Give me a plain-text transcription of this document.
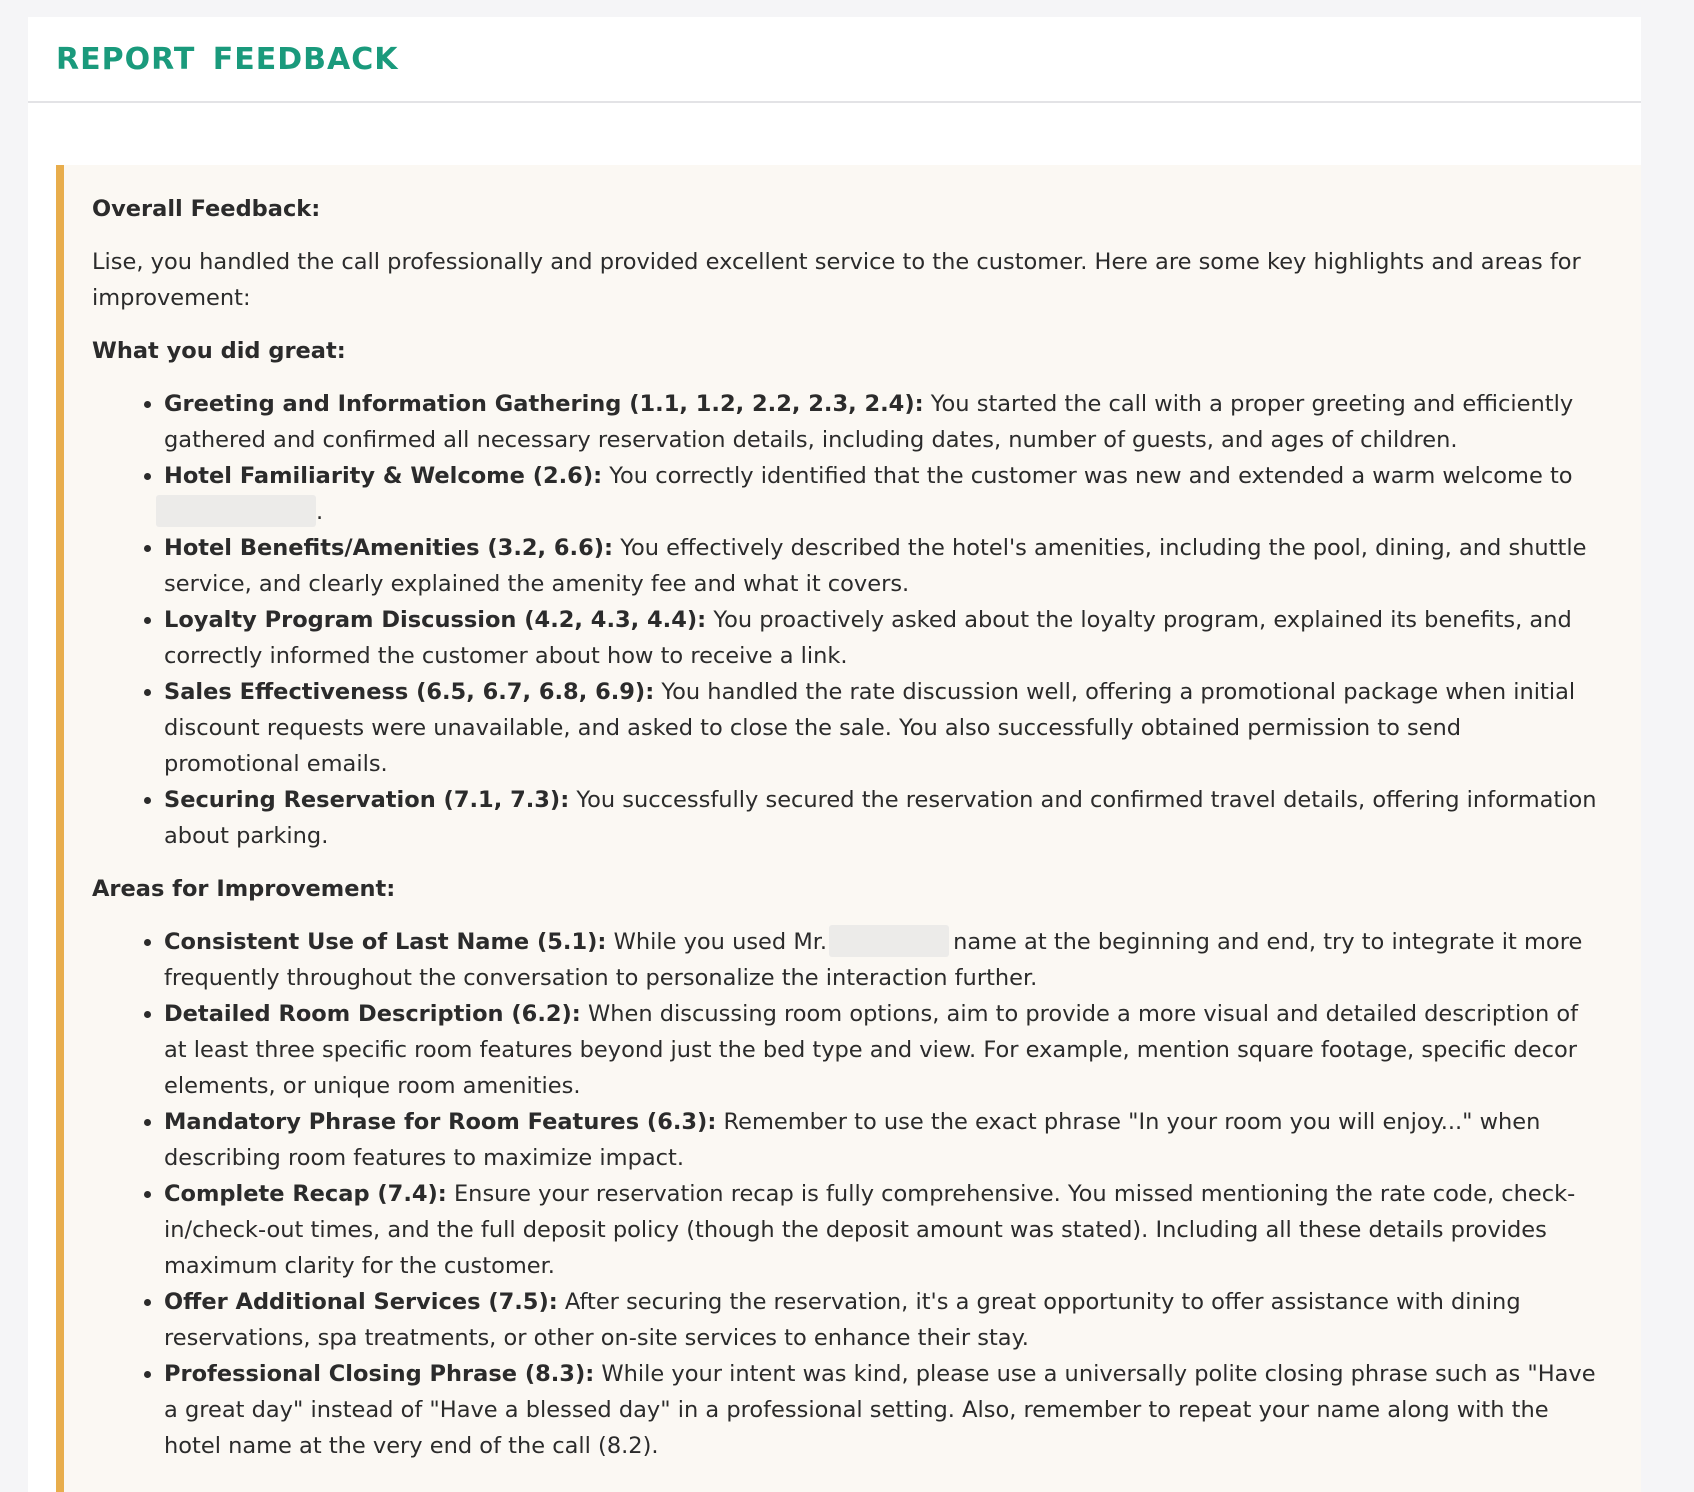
REPORT FEEDBACK

Overall Feedback:

Lise, you handled the call professionally and provided excellent service to the customer. Here are some key highlights and areas for improvement:

What you did great:

• Greeting and Information Gathering (1.1, 1.2, 2.2, 2.3, 2.4): You started the call with a proper greeting and efficiently gathered and confirmed all necessary reservation details, including dates, number of guests, and ages of children.
• Hotel Familiarity & Welcome (2.6): You correctly identified that the customer was new and extended a warm welcome to .
• Hotel Benefits/Amenities (3.2, 6.6): You effectively described the hotel's amenities, including the pool, dining, and shuttle service, and clearly explained the amenity fee and what it covers.
• Loyalty Program Discussion (4.2, 4.3, 4.4): You proactively asked about the loyalty program, explained its benefits, and correctly informed the customer about how to receive a link.
• Sales Effectiveness (6.5, 6.7, 6.8, 6.9): You handled the rate discussion well, offering a promotional package when initial discount requests were unavailable, and asked to close the sale. You also successfully obtained permission to send promotional emails.
• Securing Reservation (7.1, 7.3): You successfully secured the reservation and confirmed travel details, offering information about parking.

Areas for Improvement:

• Consistent Use of Last Name (5.1): While you used Mr.	name at the beginning and end, try to integrate it more frequently throughout the conversation to personalize the interaction further.
• Detailed Room Description (6.2): When discussing room options, aim to provide a more visual and detailed description of at least three specific room features beyond just the bed type and view. For example, mention square footage, specific decor elements, or unique room amenities.
• Mandatory Phrase for Room Features (6.3): Remember to use the exact phrase "In your room you will enjoy..." when describing room features to maximize impact.
• Complete Recap (7.4): Ensure your reservation recap is fully comprehensive. You missed mentioning the rate code, check-in/check-out times, and the full deposit policy (though the deposit amount was stated). Including all these details provides maximum clarity for the customer.
• Offer Additional Services (7.5): After securing the reservation, it's a great opportunity to offer assistance with dining reservations, spa treatments, or other on-site services to enhance their stay.
• Professional Closing Phrase (8.3): While your intent was kind, please use a universally polite closing phrase such as "Have a great day" instead of "Have a blessed day" in a professional setting. Also, remember to repeat your name along with the hotel name at the very end of the call (8.2).
